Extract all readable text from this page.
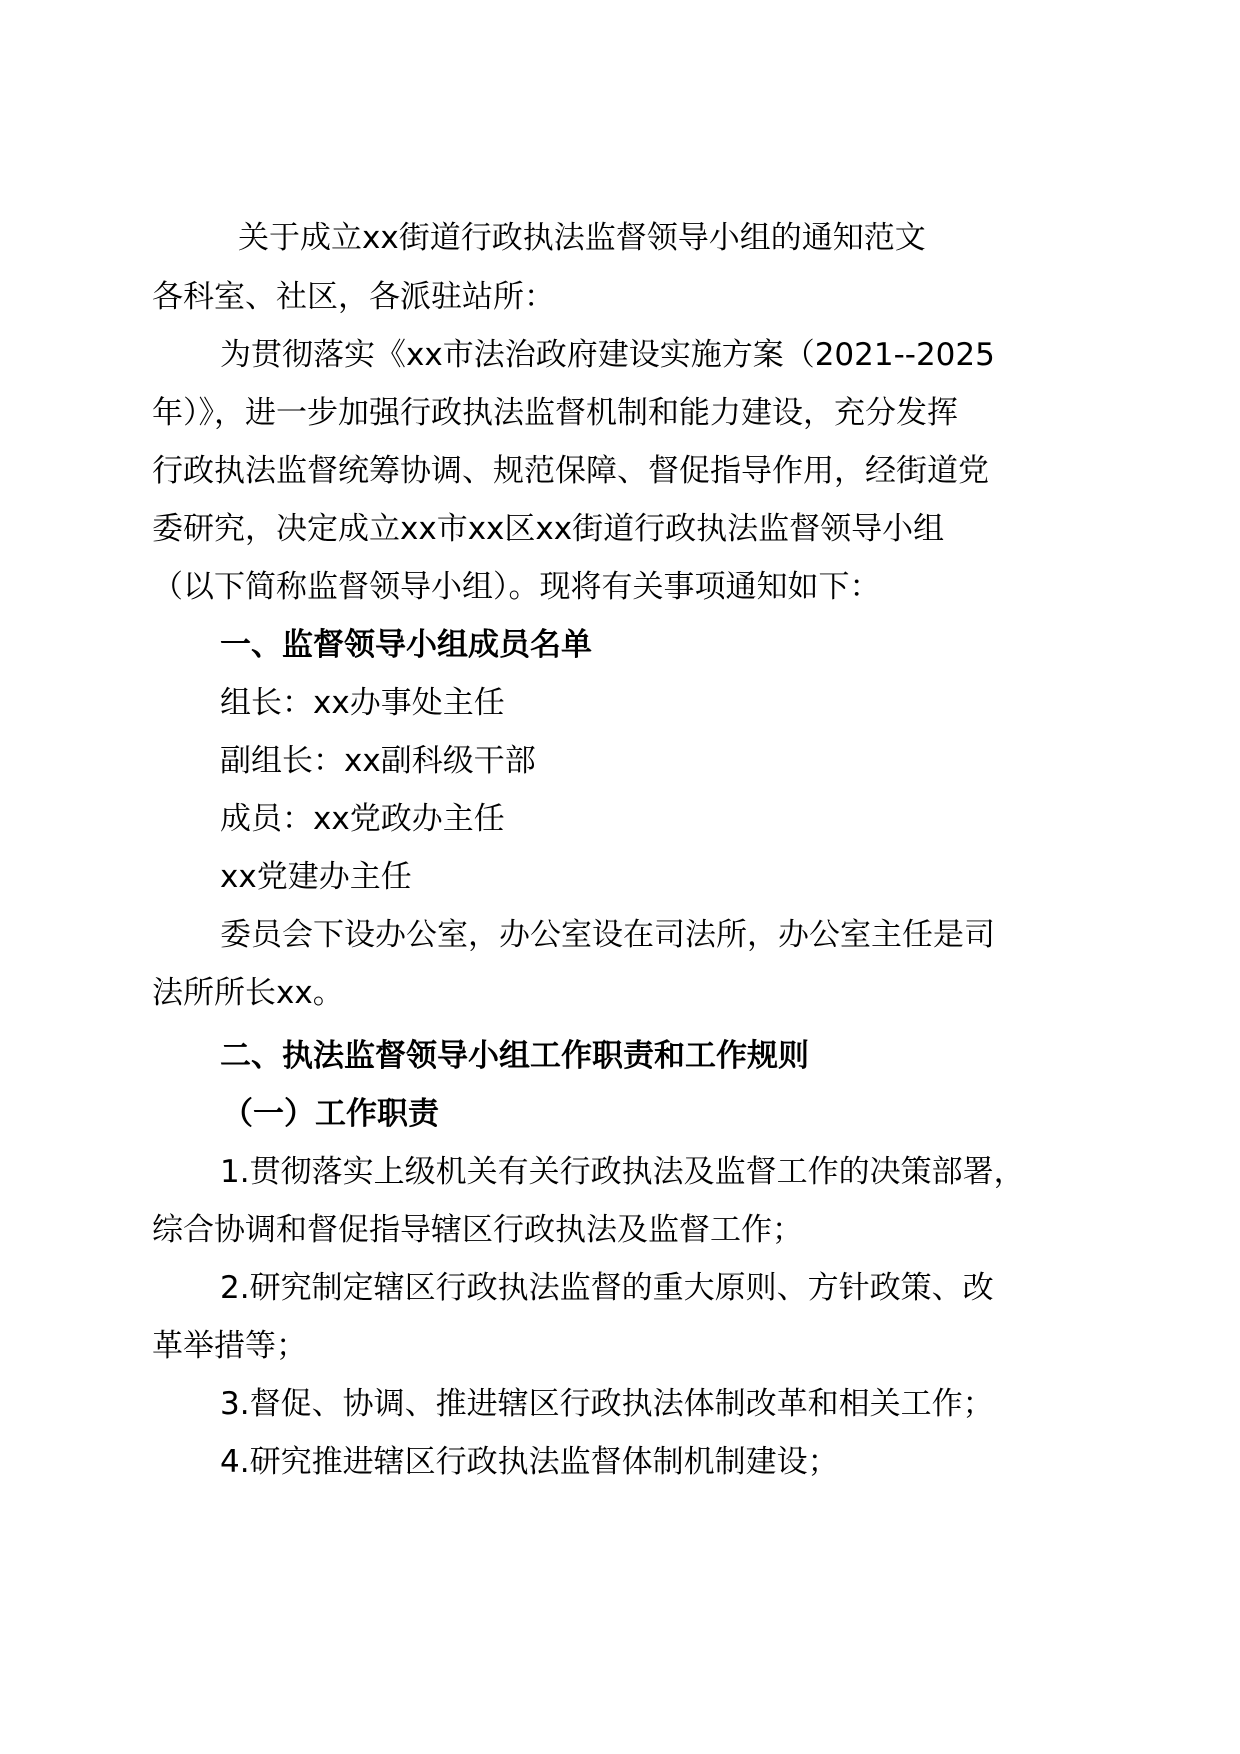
关于成立xx街道行政执法监督领导小组的通知范文

各科室、社区，各派驻站所：

为贯彻落实《xx市法治政府建设实施方案（2021--2025

年）》，进一步加强行政执法监督机制和能力建设，充分发挥

行政执法监督统筹协调、规范保障、督促指导作用，经街道党

委研究，决定成立xx市xx区xx街道行政执法监督领导小组

（以下简称监督领导小组）。现将有关事项通知如下：

一、监督领导小组成员名单

组长：xx办事处主任

副组长：xx副科级干部

成员：xx党政办主任

xx党建办主任

委员会下设办公室，办公室设在司法所，办公室主任是司

法所所长xx。

二、执法监督领导小组工作职责和工作规则

（一）工作职责

1.贯彻落实上级机关有关行政执法及监督工作的决策部署，

综合协调和督促指导辖区行政执法及监督工作；

2.研究制定辖区行政执法监督的重大原则、方针政策、改

革举措等；

3.督促、协调、推进辖区行政执法体制改革和相关工作；

4.研究推进辖区行政执法监督体制机制建设；
